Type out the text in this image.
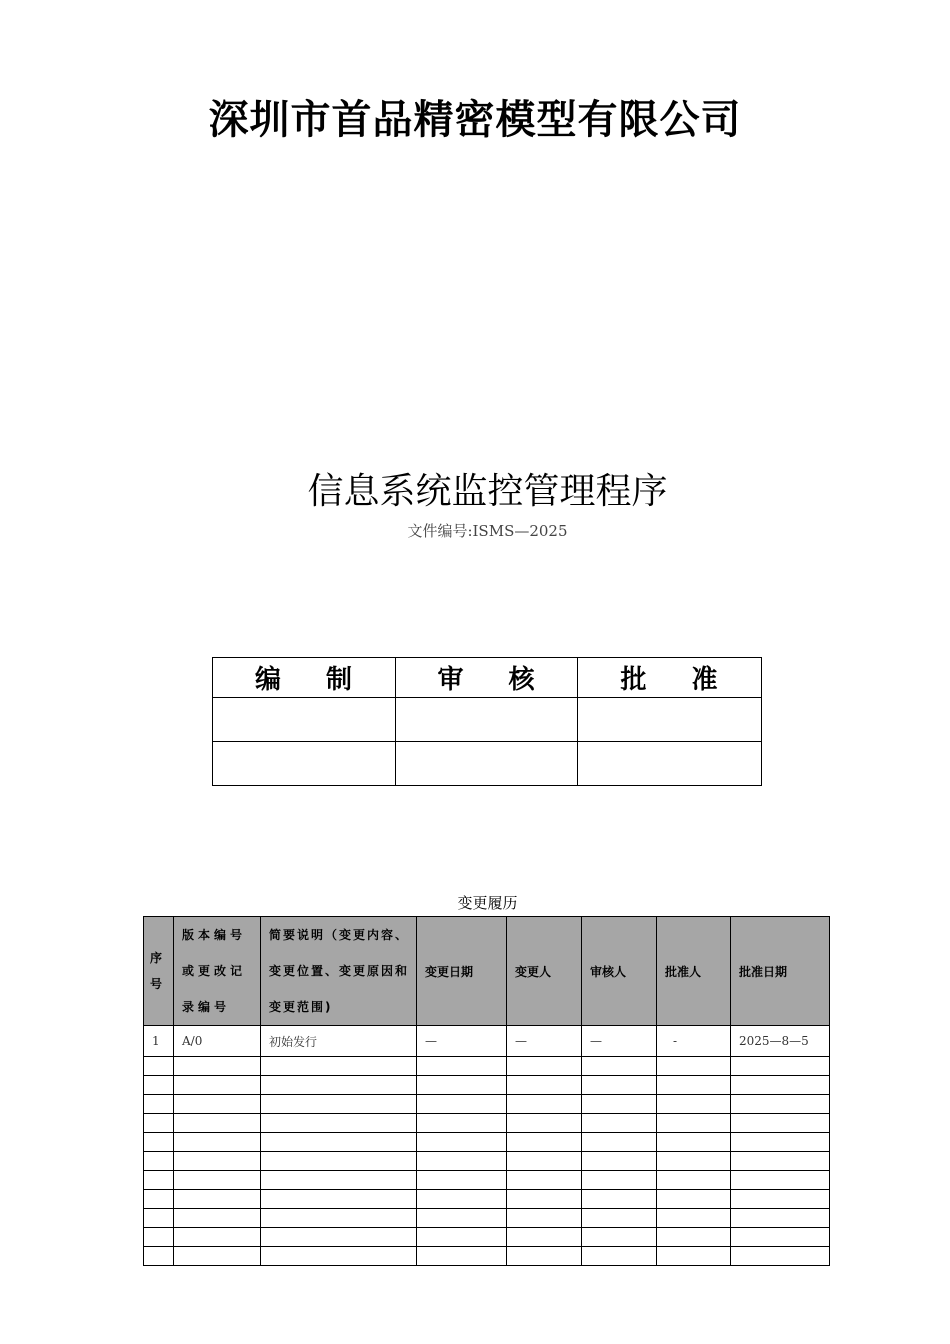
深圳市首品精密模型有限公司
信息系统监控管理程序
文件编号:ISMS—2025
编 制	审 核	批 准

变更履历
序号	版本编号或更改记录编号	简要说明（变更内容、变更位置、变更原因和变更范围)	变更日期	变更人	审核人	批准人	批准日期
1	A/0	初始发行	—	—	—	-	2025—8—5
